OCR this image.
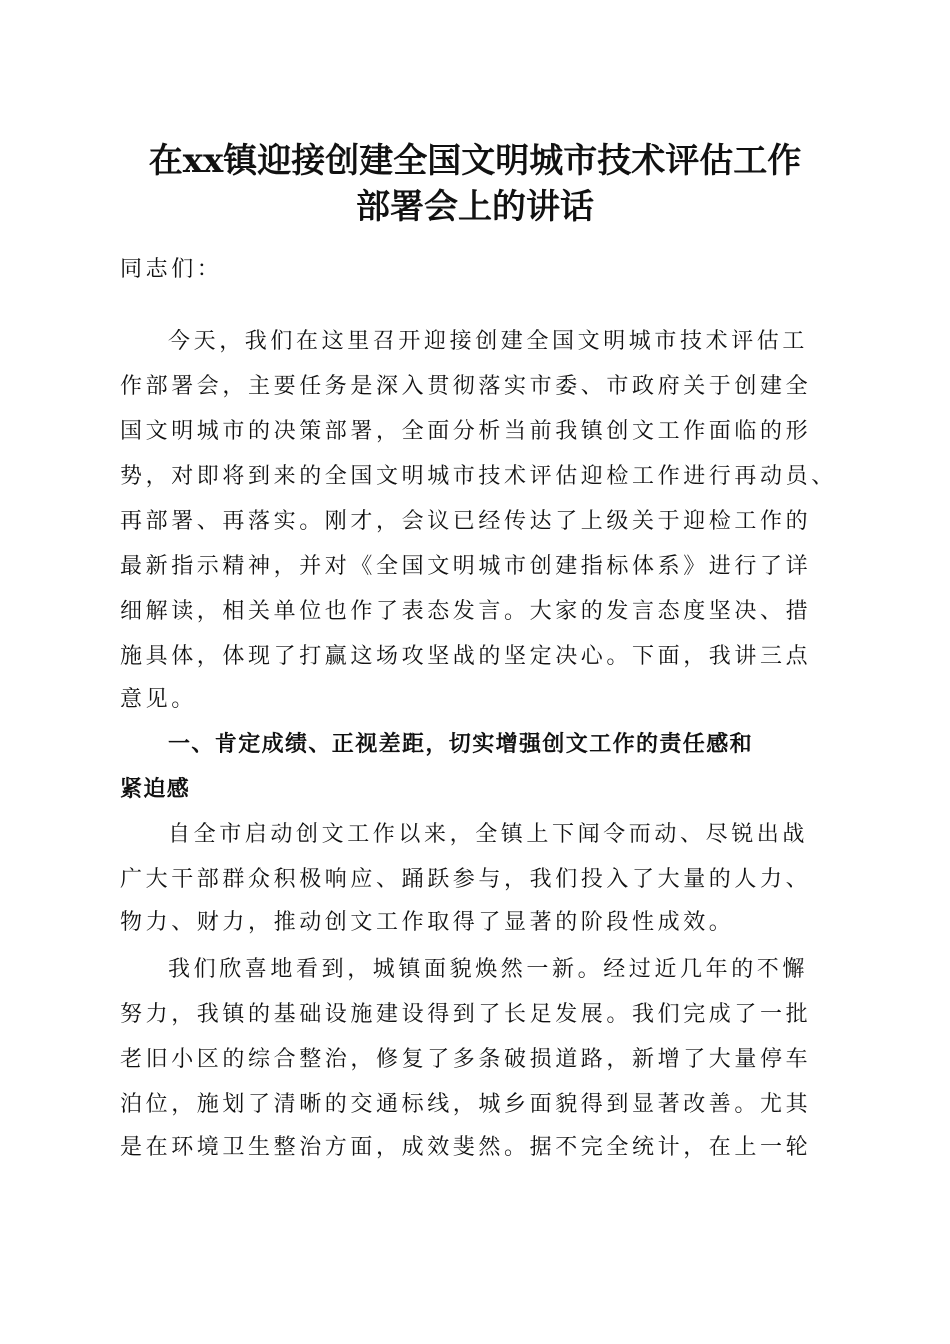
在xx镇迎接创建全国文明城市技术评估工作
部署会上的讲话
同志们：
今天，我们在这里召开迎接创建全国文明城市技术评估工
作部署会，主要任务是深入贯彻落实市委、市政府关于创建全
国文明城市的决策部署，全面分析当前我镇创文工作面临的形
势，对即将到来的全国文明城市技术评估迎检工作进行再动员、
再部署、再落实。刚才，会议已经传达了上级关于迎检工作的
最新指示精神，并对《全国文明城市创建指标体系》进行了详
细解读，相关单位也作了表态发言。大家的发言态度坚决、措
施具体，体现了打赢这场攻坚战的坚定决心。下面，我讲三点
意见。
一、肯定成绩、正视差距，切实增强创文工作的责任感和
紧迫感
自全市启动创文工作以来，全镇上下闻令而动、尽锐出战
广大干部群众积极响应、踊跃参与，我们投入了大量的人力、
物力、财力，推动创文工作取得了显著的阶段性成效。
我们欣喜地看到，城镇面貌焕然一新。经过近几年的不懈
努力，我镇的基础设施建设得到了长足发展。我们完成了一批
老旧小区的综合整治，修复了多条破损道路，新增了大量停车
泊位，施划了清晰的交通标线，城乡面貌得到显著改善。尤其
是在环境卫生整治方面，成效斐然。据不完全统计，在上一轮
